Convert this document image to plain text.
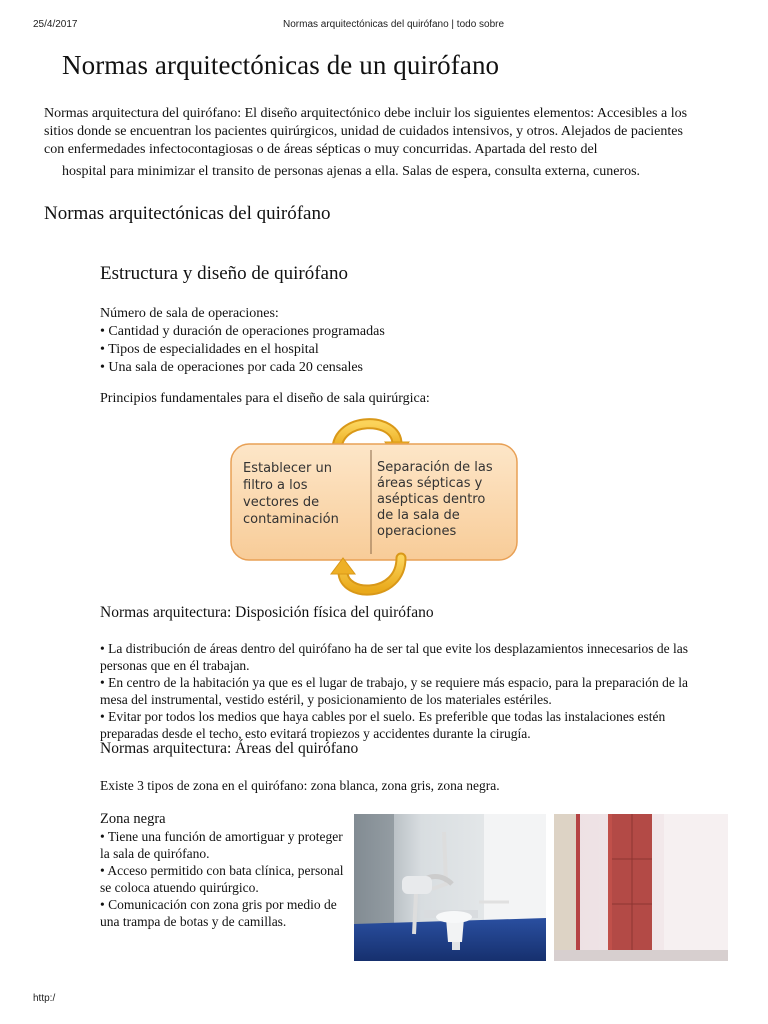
25/4/2017	Normas arquitectónicas del quirófano | todo sobre
Normas arquitectónicas de un quirófano

Normas arquitectura del quirófano: El diseño arquitectónico debe incluir los siguientes elementos: Accesibles a los sitios donde se encuentran los pacientes quirúrgicos, unidad de cuidados intensivos, y otros. Alejados de pacientes con enfermedades infectocontagiosas o de áreas sépticas o muy concurridas. Apartada del resto del

hospital para minimizar el transito de personas ajenas a ella. Salas de espera, consulta externa, cuneros.

Normas arquitectónicas del quirófano
Estructura y diseño de quirófano
Número de sala de operaciones:
• Cantidad y duración de operaciones programadas
• Tipos de especialidades en el hospital
• Una sala de operaciones por cada 20 censales

Principios fundamentales para el diseño de sala quirúrgica:

Establecer un filtro a los vectores de contaminación
Separación de las áreas sépticas y asépticas dentro de la sala de operaciones
Normas arquitectura: Disposición física del quirófano
• La distribución de áreas dentro del quirófano ha de ser tal que evite los desplazamientos innecesarios de las personas que en él trabajan.
• En centro de la habitación ya que es el lugar de trabajo, y se requiere más espacio, para la preparación de la mesa del instrumental, vestido estéril, y posicionamiento de los materiales estériles.
• Evitar por todos los medios que haya cables por el suelo. Es preferible que todas las instalaciones estén preparadas desde el techo, esto evitará tropiezos y accidentes durante la cirugía.
Normas arquitectura: Áreas del quirófano

Existe 3 tipos de zona en el quirófano: zona blanca, zona gris, zona negra.

Zona negra
• Tiene una función de amortiguar y proteger la sala de quirófano.
• Acceso permitido con bata clínica, personal se coloca atuendo quirúrgico.
• Comunicación con zona gris por medio de una trampa de botas y de camillas.
http:/
